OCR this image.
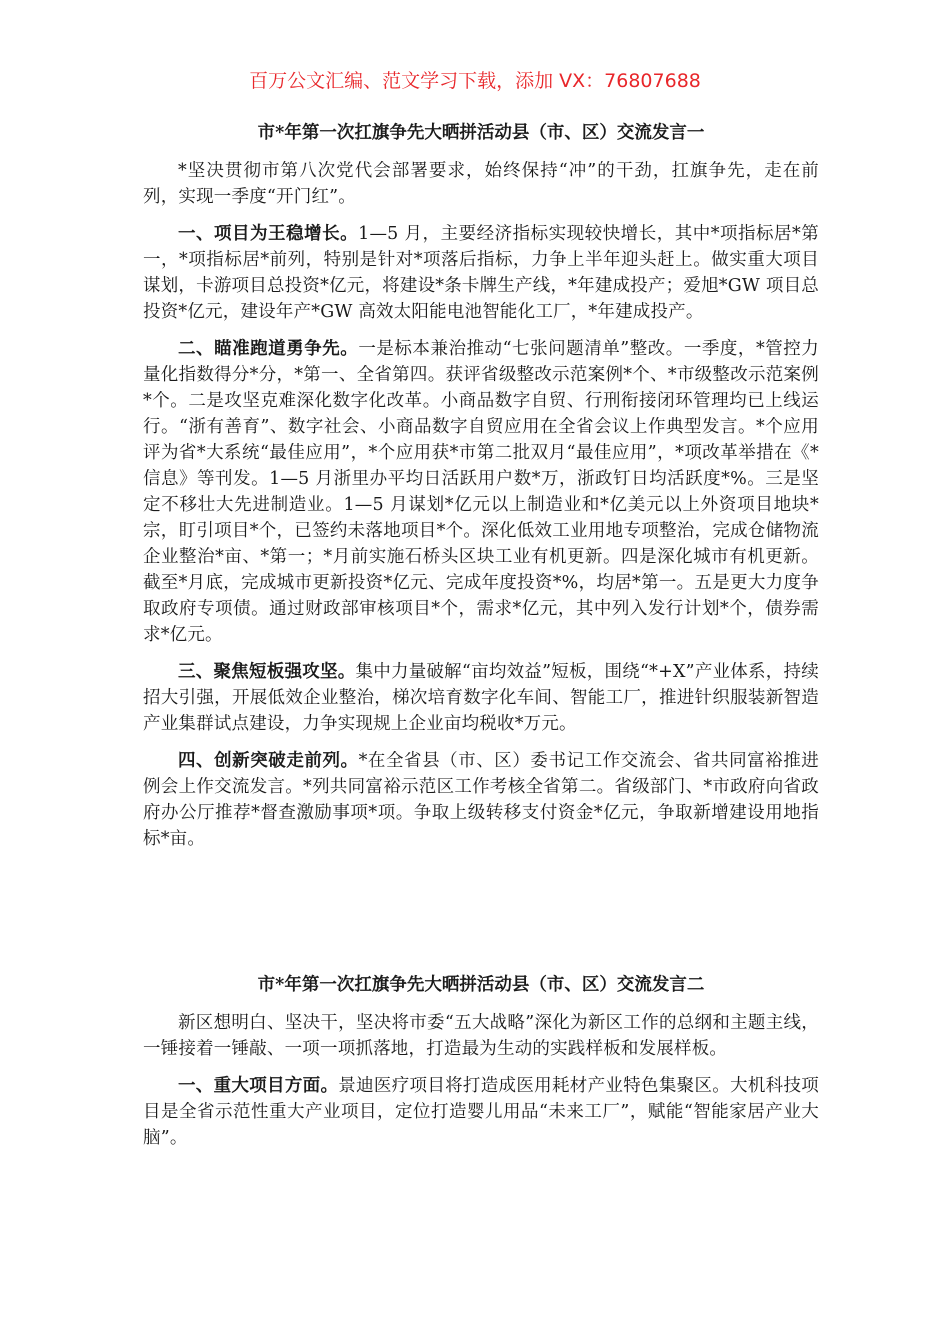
百万公文汇编、范文学习下载，添加 VX：76807688
市*年第一次扛旗争先大晒拼活动县（市、区）交流发言一

*坚决贯彻市第八次党代会部署要求，始终保持“冲”的干劲，扛旗争先，走在前列，实现一季度“开门红”。

一、项目为王稳增长。1—5 月，主要经济指标实现较快增长，其中*项指标居*第一，*项指标居*前列，特别是针对*项落后指标，力争上半年迎头赶上。做实重大项目谋划，卡游项目总投资*亿元，将建设*条卡牌生产线，*年建成投产；爱旭*GW 项目总投资*亿元，建设年产*GW 高效太阳能电池智能化工厂，*年建成投产。

二、瞄准跑道勇争先。一是标本兼治推动“七张问题清单”整改。一季度，*管控力量化指数得分*分，*第一、全省第四。获评省级整改示范案例*个、*市级整改示范案例*个。二是攻坚克难深化数字化改革。小商品数字自贸、行刑衔接闭环管理均已上线运行。“浙有善育”、数字社会、小商品数字自贸应用在全省会议上作典型发言。*个应用评为省*大系统“最佳应用”，*个应用获*市第二批双月“最佳应用”，*项改革举措在《*信息》等刊发。1—5 月浙里办平均日活跃用户数*万，浙政钉日均活跃度*%。三是坚定不移壮大先进制造业。1—5 月谋划*亿元以上制造业和*亿美元以上外资项目地块*宗，盯引项目*个，已签约未落地项目*个。深化低效工业用地专项整治，完成仓储物流企业整治*亩、*第一；*月前实施石桥头区块工业有机更新。四是深化城市有机更新。截至*月底，完成城市更新投资*亿元、完成年度投资*%，均居*第一。五是更大力度争取政府专项债。通过财政部审核项目*个，需求*亿元，其中列入发行计划*个，债券需求*亿元。

三、聚焦短板强攻坚。集中力量破解“亩均效益”短板，围绕“*+X”产业体系，持续招大引强，开展低效企业整治，梯次培育数字化车间、智能工厂，推进针织服装新智造产业集群试点建设，力争实现规上企业亩均税收*万元。

四、创新突破走前列。*在全省县（市、区）委书记工作交流会、省共同富裕推进例会上作交流发言。*列共同富裕示范区工作考核全省第二。省级部门、*市政府向省政府办公厅推荐*督查激励事项*项。争取上级转移支付资金*亿元，争取新增建设用地指标*亩。

市*年第一次扛旗争先大晒拼活动县（市、区）交流发言二

新区想明白、坚决干，坚决将市委“五大战略”深化为新区工作的总纲和主题主线，一锤接着一锤敲、一项一项抓落地，打造最为生动的实践样板和发展样板。

一、重大项目方面。景迪医疗项目将打造成医用耗材产业特色集聚区。大机科技项目是全省示范性重大产业项目，定位打造婴儿用品“未来工厂”，赋能“智能家居产业大脑”。
